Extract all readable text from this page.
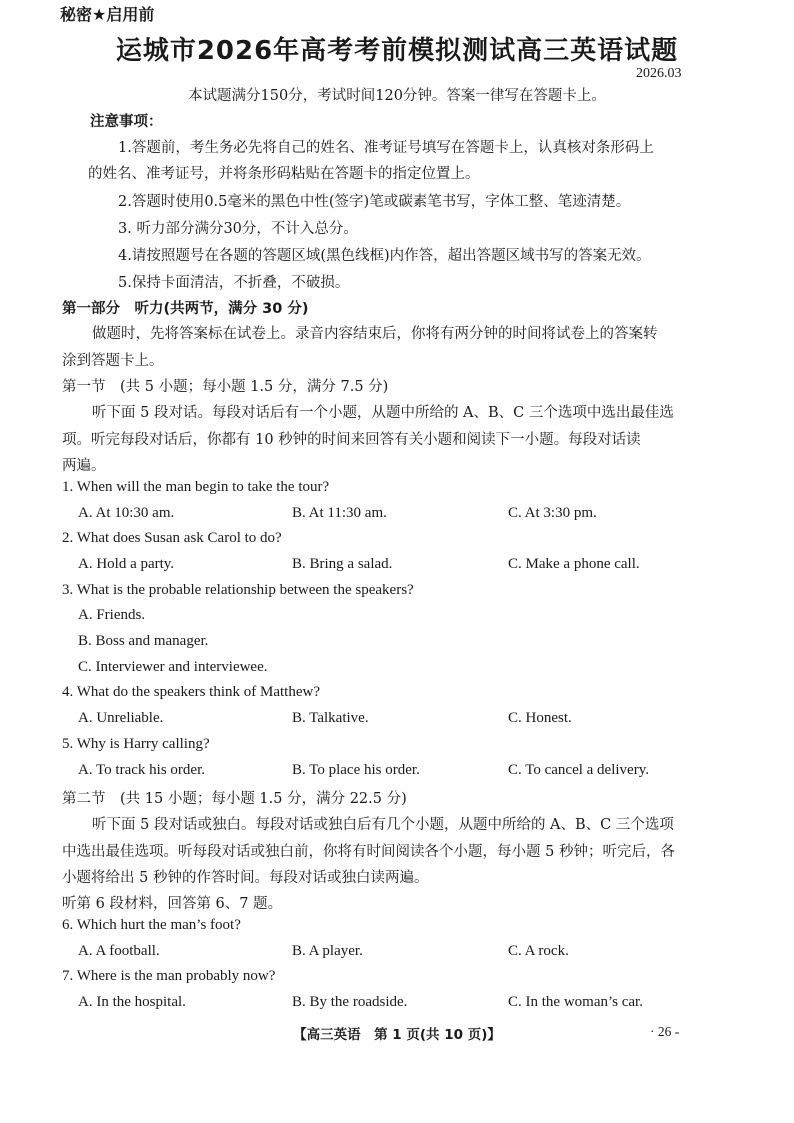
秘密★启用前
运城市2026年高考考前模拟测试高三英语试题
2026.03
本试题满分150分，考试时间120分钟。答案一律写在答题卡上。
注意事项：
1.答题前，考生务必先将自己的姓名、准考证号填写在答题卡上，认真核对条形码上
的姓名、准考证号，并将条形码粘贴在答题卡的指定位置上。
2.答题时使用0.5毫米的黑色中性(签字)笔或碳素笔书写，字体工整、笔迹清楚。
3. 听力部分满分30分，不计入总分。
4.请按照题号在各题的答题区域(黑色线框)内作答，超出答题区域书写的答案无效。
5.保持卡面清洁，不折叠，不破损。
第一部分　听力(共两节，满分 30 分)
做题时，先将答案标在试卷上。录音内容结束后，你将有两分钟的时间将试卷上的答案转
涂到答题卡上。
第一节　(共 5 小题；每小题 1.5 分，满分 7.5 分)
听下面 5 段对话。每段对话后有一个小题，从题中所给的 A、B、C 三个选项中选出最佳选
项。听完每段对话后，你都有 10 秒钟的时间来回答有关小题和阅读下一小题。每段对话读
两遍。
1. When will the man begin to take the tour?
A. At 10:30 am.	B. At 11:30 am.	C. At 3:30 pm.
2. What does Susan ask Carol to do?
A. Hold a party.	B. Bring a salad.	C. Make a phone call.
3. What is the probable relationship between the speakers?
A. Friends.
B. Boss and manager.
C. Interviewer and interviewee.
4. What do the speakers think of Matthew?
A. Unreliable.	B. Talkative.	C. Honest.
5. Why is Harry calling?
A. To track his order.	B. To place his order.	C. To cancel a delivery.
第二节　(共 15 小题；每小题 1.5 分，满分 22.5 分)
听下面 5 段对话或独白。每段对话或独白后有几个小题，从题中所给的 A、B、C 三个选项
中选出最佳选项。听每段对话或独白前，你将有时间阅读各个小题，每小题 5 秒钟；听完后，各
小题将给出 5 秒钟的作答时间。每段对话或独白读两遍。
听第 6 段材料，回答第 6、7 题。
6. Which hurt the man’s foot?
A. A football.	B. A player.	C. A rock.
7. Where is the man probably now?
A. In the hospital.	B. By the roadside.	C. In the woman’s car.
【高三英语　第 1 页(共 10 页)】	· 26 -
